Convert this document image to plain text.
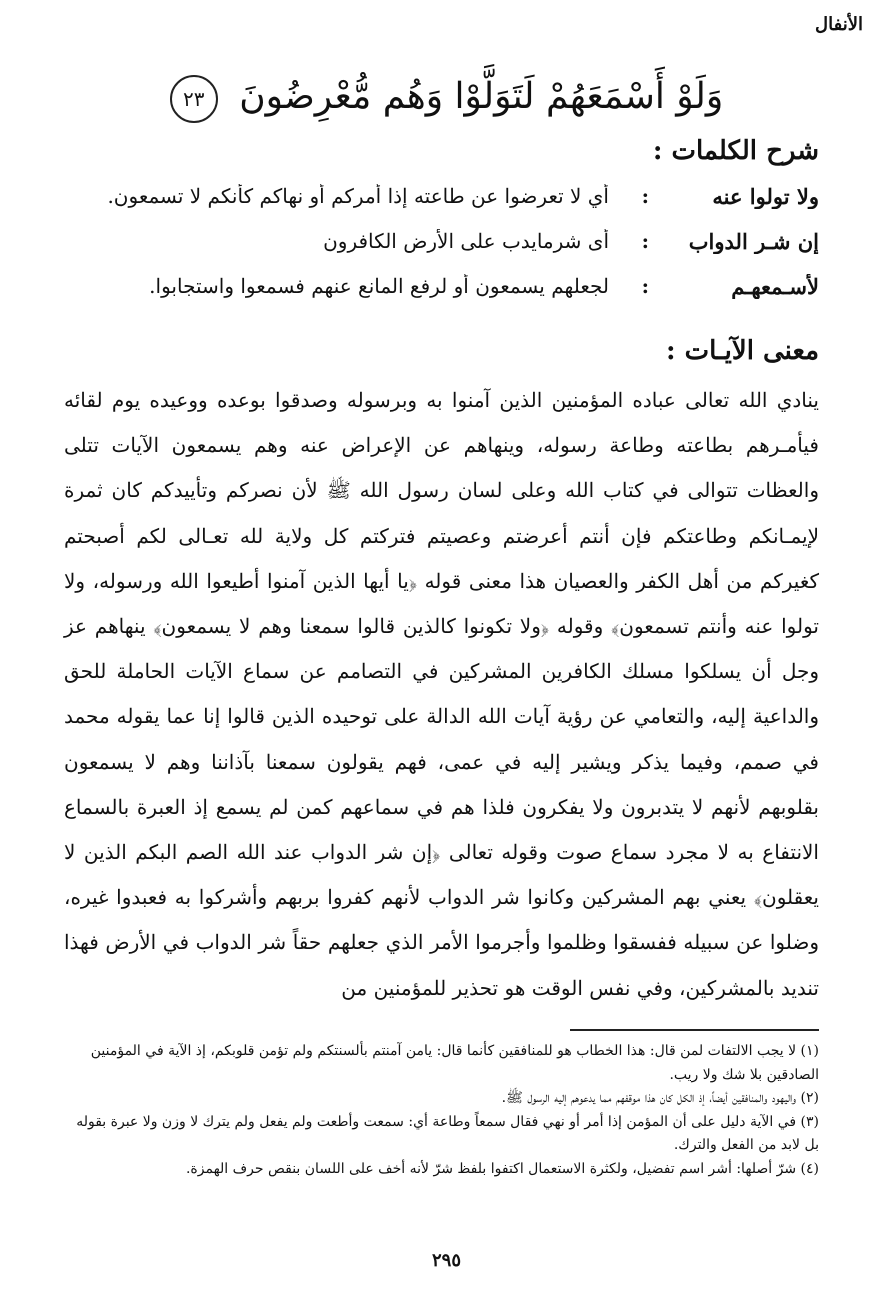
الأنفال
وَلَوْ أَسْمَعَهُمْ لَتَوَلَّوْا وَهُم مُّعْرِضُونَ ٢٣
شرح الكلمات :
ولا تولوا عنه
:
أي لا تعرضوا عن طاعته إذا أمركم أو نهاكم كأنكم لا تسمعون.
إن شـر الدواب
:
أى شرمايدب على الأرض الكافرون
لأسـمعهـم
:
لجعلهم يسمعون أو لرفع المانع عنهم فسمعوا واستجابوا.
معنى الآيـات :
ينادي الله تعالى عباده المؤمنين الذين آمنوا به وبرسوله وصدقوا بوعده ووعيده يوم لقائه فيأمـرهم بطاعته وطاعة رسوله، وينهاهم عن الإعراض عنه وهم يسمعون الآيات تتلى والعظات تتوالى في كتاب الله وعلى لسان رسول الله ﷺ لأن نصركم وتأييدكم كان ثمرة لإيمـانكم وطاعتكم فإن أنتم أعرضتم وعصيتم فتركتم كل ولاية لله تعـالى لكم أصبحتم كغيركم من أهل الكفر والعصيان هذا معنى قوله ﴿يا أيها الذين آمنوا أطيعوا الله ورسوله، ولا تولوا عنه وأنتم تسمعون﴾ وقوله ﴿ولا تكونوا كالذين قالوا سمعنا وهم لا يسمعون﴾ ينهاهم عز وجل أن يسلكوا مسلك الكافرين المشركين في التصامم عن سماع الآيات الحاملة للحق والداعية إليه، والتعامي عن رؤية آيات الله الدالة على توحيده الذين قالوا إنا عما يقوله محمد في صمم، وفيما يذكر ويشير إليه في عمى، فهم يقولون سمعنا بآذاننا وهم لا يسمعون بقلوبهم لأنهم لا يتدبرون ولا يفكرون فلذا هم في سماعهم كمن لم يسمع إذ العبرة بالسماع الانتفاع به لا مجرد سماع صوت وقوله تعالى ﴿إن شر الدواب عند الله الصم البكم الذين لا يعقلون﴾ يعني بهم المشركين وكانوا شر الدواب لأنهم كفروا بربهم وأشركوا به فعبدوا غيره، وضلوا عن سبيله ففسقوا وظلموا وأجرموا الأمر الذي جعلهم حقاً شر الدواب في الأرض فهذا تنديد بالمشركين، وفي نفس الوقت هو تحذير للمؤمنين من

(١) لا يجب الالتفات لمن قال: هذا الخطاب هو للمنافقين كأنما قال: يامن آمنتم بألسنتكم ولم تؤمن قلوبكم، إذ الآية في المؤمنين الصادقين بلا شك ولا ريب.

(٢) واليهود والمنافقين أيضاً، إذ الكل كان هذا موقفهم مما يدعوهم إليه الرسول ﷺ.

(٣) في الآية دليل على أن المؤمن إذا أمر أو نهي فقال سمعاً وطاعة أي: سمعت وأطعت ولم يفعل ولم يترك لا وزن ولا عبرة بقوله بل لابد من الفعل والترك.

(٤) شرّ أصلها: أشر اسم تفضيل، ولكثرة الاستعمال اكتفوا بلفظ شرّ لأنه أخف على اللسان بنقص حرف الهمزة.

٢٩٥
